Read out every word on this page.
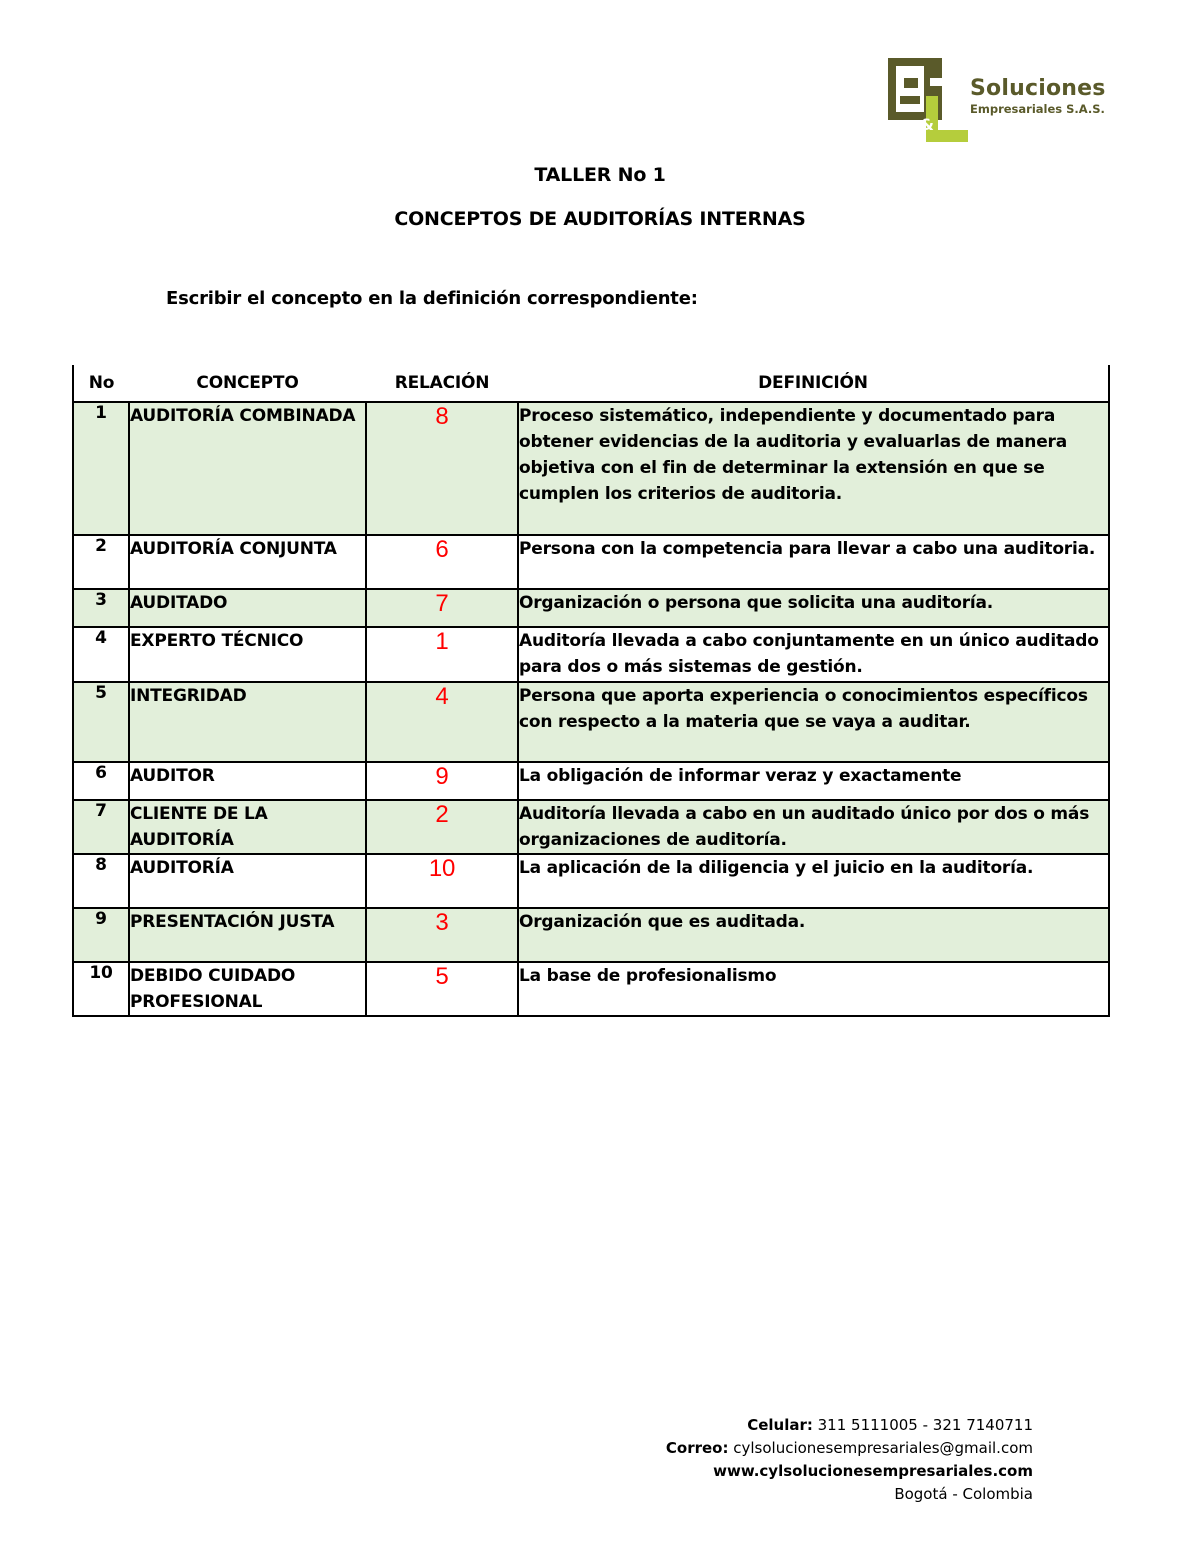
&
Soluciones
Empresariales S.A.S.
TALLER No 1
CONCEPTOS DE AUDITORÍAS INTERNAS
Escribir el concepto en la definición correspondiente:
No	CONCEPTO	RELACIÓN	DEFINICIÓN
1	AUDITORÍA COMBINADA	8	Proceso sistemático, independiente y documentado para obtener evidencias de la auditoria y evaluarlas de manera objetiva con el fin de determinar la extensión en que se cumplen los criterios de auditoria.
2	AUDITORÍA CONJUNTA	6	Persona con la competencia para llevar a cabo una auditoria.
3	AUDITADO	7	Organización o persona que solicita una auditoría.
4	EXPERTO TÉCNICO	1	Auditoría llevada a cabo conjuntamente en un único auditado para dos o más sistemas de gestión.
5	INTEGRIDAD	4	Persona que aporta experiencia o conocimientos específicos con respecto a la materia que se vaya a auditar.
6	AUDITOR	9	La obligación de informar veraz y exactamente
7	CLIENTE DE LA AUDITORÍA	2	Auditoría llevada a cabo en un auditado único por dos o más organizaciones de auditoría.
8	AUDITORÍA	10	La aplicación de la diligencia y el juicio en la auditoría.
9	PRESENTACIÓN JUSTA	3	Organización que es auditada.
10	DEBIDO CUIDADO PROFESIONAL	5	La base de profesionalismo
Celular: 311 5111005 - 321 7140711
Correo: cylsolucionesempresariales@gmail.com
www.cylsolucionesempresariales.com
Bogotá - Colombia
